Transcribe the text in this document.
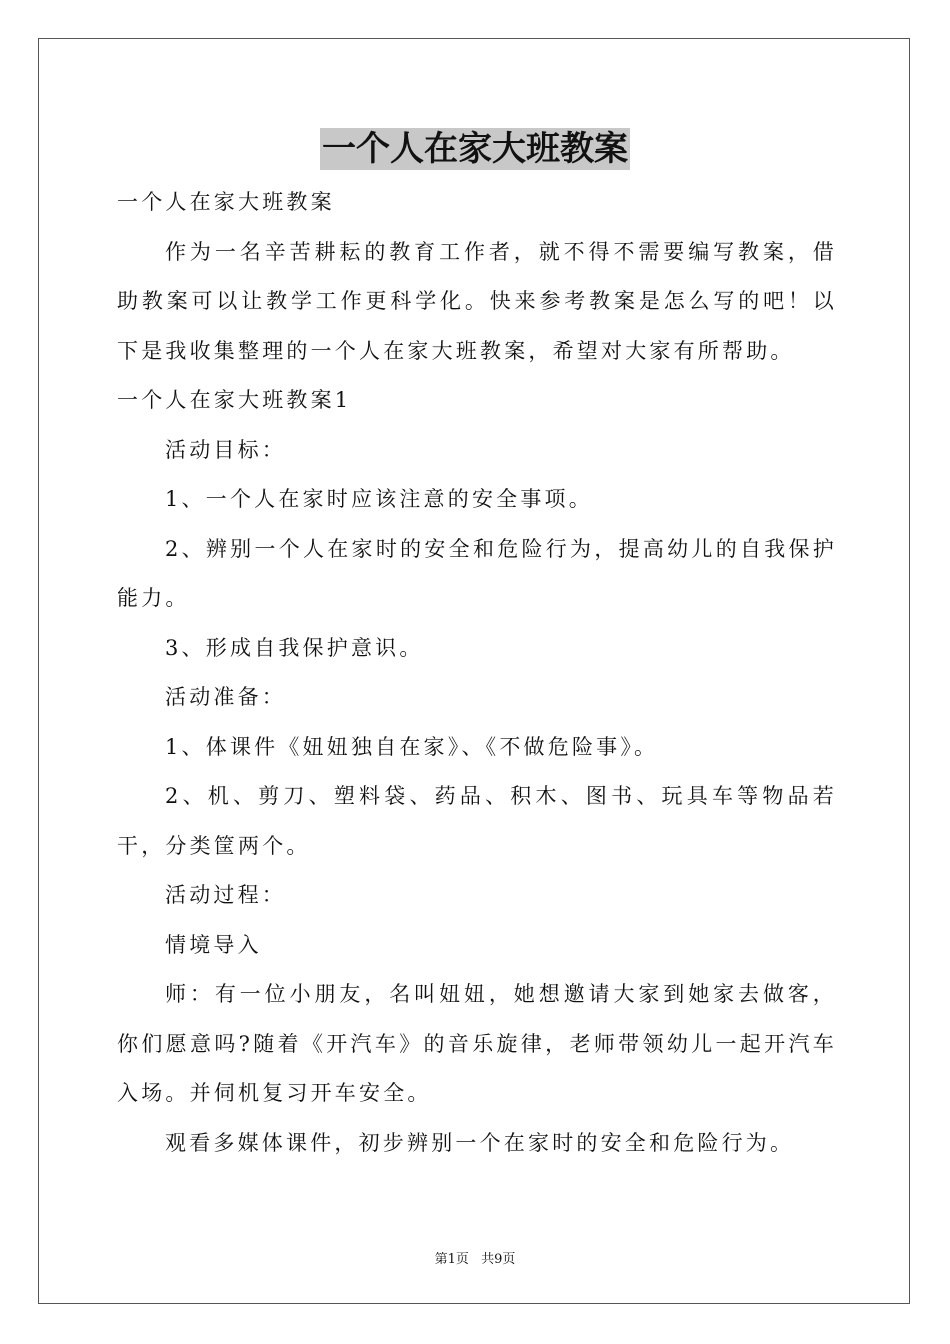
一个人在家大班教案

一个人在家大班教案

作为一名辛苦耕耘的教育工作者，就不得不需要编写教案，借助教案可以让教学工作更科学化。快来参考教案是怎么写的吧！以下是我收集整理的一个人在家大班教案，希望对大家有所帮助。

一个人在家大班教案1

活动目标：

1、一个人在家时应该注意的安全事项。

2、辨别一个人在家时的安全和危险行为，提高幼儿的自我保护能力。

3、形成自我保护意识。

活动准备：

1、体课件《妞妞独自在家》、《不做危险事》。

2、机、剪刀、塑料袋、药品、积木、图书、玩具车等物品若干，分类筐两个。

活动过程：

情境导入

师：有一位小朋友，名叫妞妞，她想邀请大家到她家去做客，你们愿意吗?随着《开汽车》的音乐旋律，老师带领幼儿一起开汽车入场。并伺机复习开车安全。

观看多媒体课件，初步辨别一个在家时的安全和危险行为。

第1页 共9页
